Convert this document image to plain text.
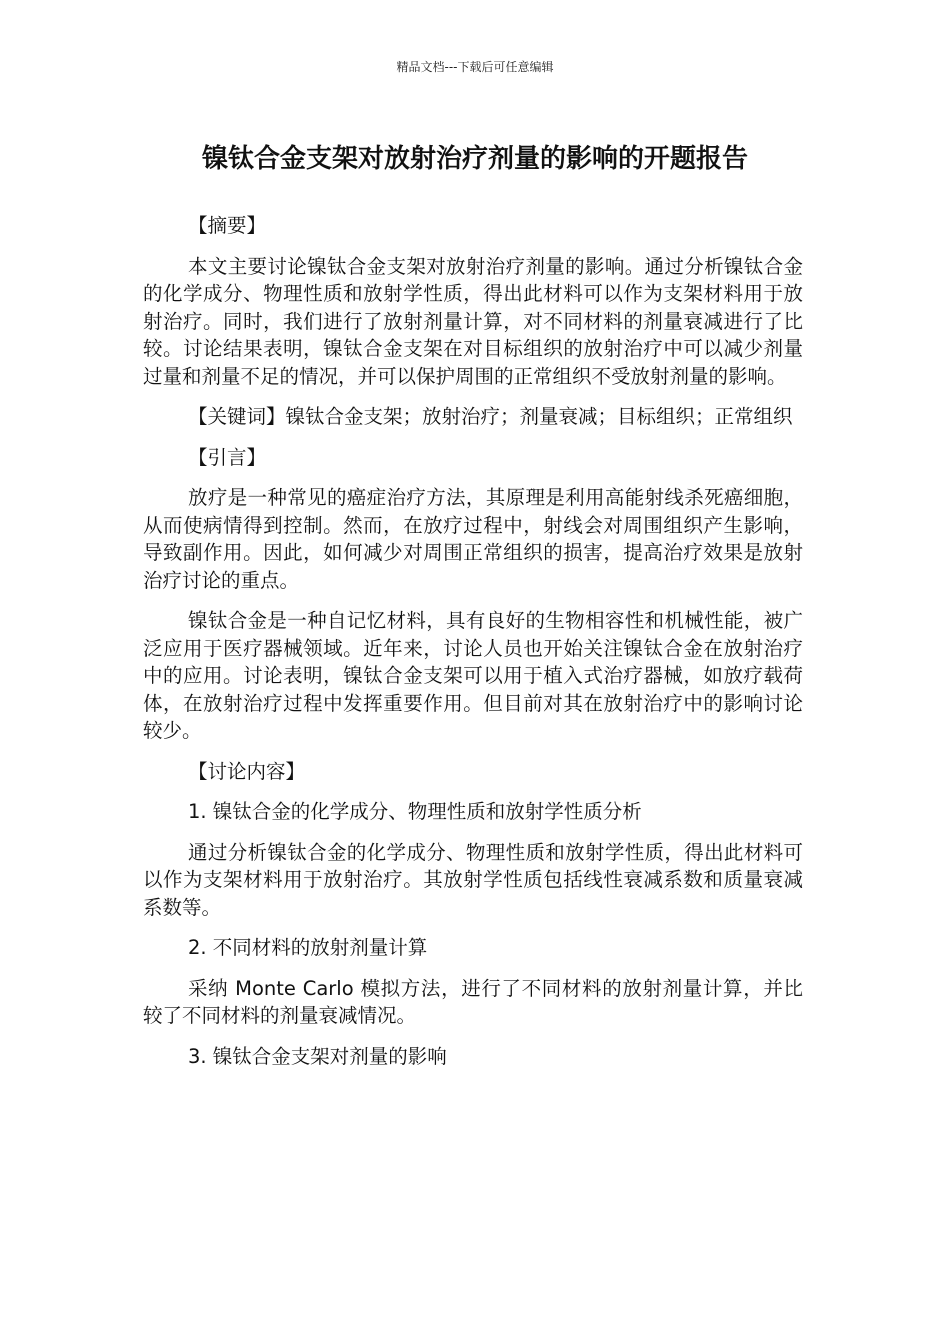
精品文档---下载后可任意编辑
镍钛合金支架对放射治疗剂量的影响的开题报告

【摘要】

本文主要讨论镍钛合金支架对放射治疗剂量的影响。通过分析镍钛合金的化学成分、物理性质和放射学性质，得出此材料可以作为支架材料用于放射治疗。同时，我们进行了放射剂量计算，对不同材料的剂量衰减进行了比较。讨论结果表明，镍钛合金支架在对目标组织的放射治疗中可以减少剂量过量和剂量不足的情况，并可以保护周围的正常组织不受放射剂量的影响。

【关键词】镍钛合金支架；放射治疗；剂量衰减；目标组织；正常组织

【引言】

放疗是一种常见的癌症治疗方法，其原理是利用高能射线杀死癌细胞，从而使病情得到控制。然而，在放疗过程中，射线会对周围组织产生影响，导致副作用。因此，如何减少对周围正常组织的损害，提高治疗效果是放射治疗讨论的重点。

镍钛合金是一种自记忆材料，具有良好的生物相容性和机械性能，被广泛应用于医疗器械领域。近年来，讨论人员也开始关注镍钛合金在放射治疗中的应用。讨论表明，镍钛合金支架可以用于植入式治疗器械，如放疗载荷体，在放射治疗过程中发挥重要作用。但目前对其在放射治疗中的影响讨论较少。

【讨论内容】

1. 镍钛合金的化学成分、物理性质和放射学性质分析

通过分析镍钛合金的化学成分、物理性质和放射学性质，得出此材料可以作为支架材料用于放射治疗。其放射学性质包括线性衰减系数和质量衰减系数等。

2. 不同材料的放射剂量计算

采纳 Monte Carlo 模拟方法，进行了不同材料的放射剂量计算，并比较了不同材料的剂量衰减情况。

3. 镍钛合金支架对剂量的影响
